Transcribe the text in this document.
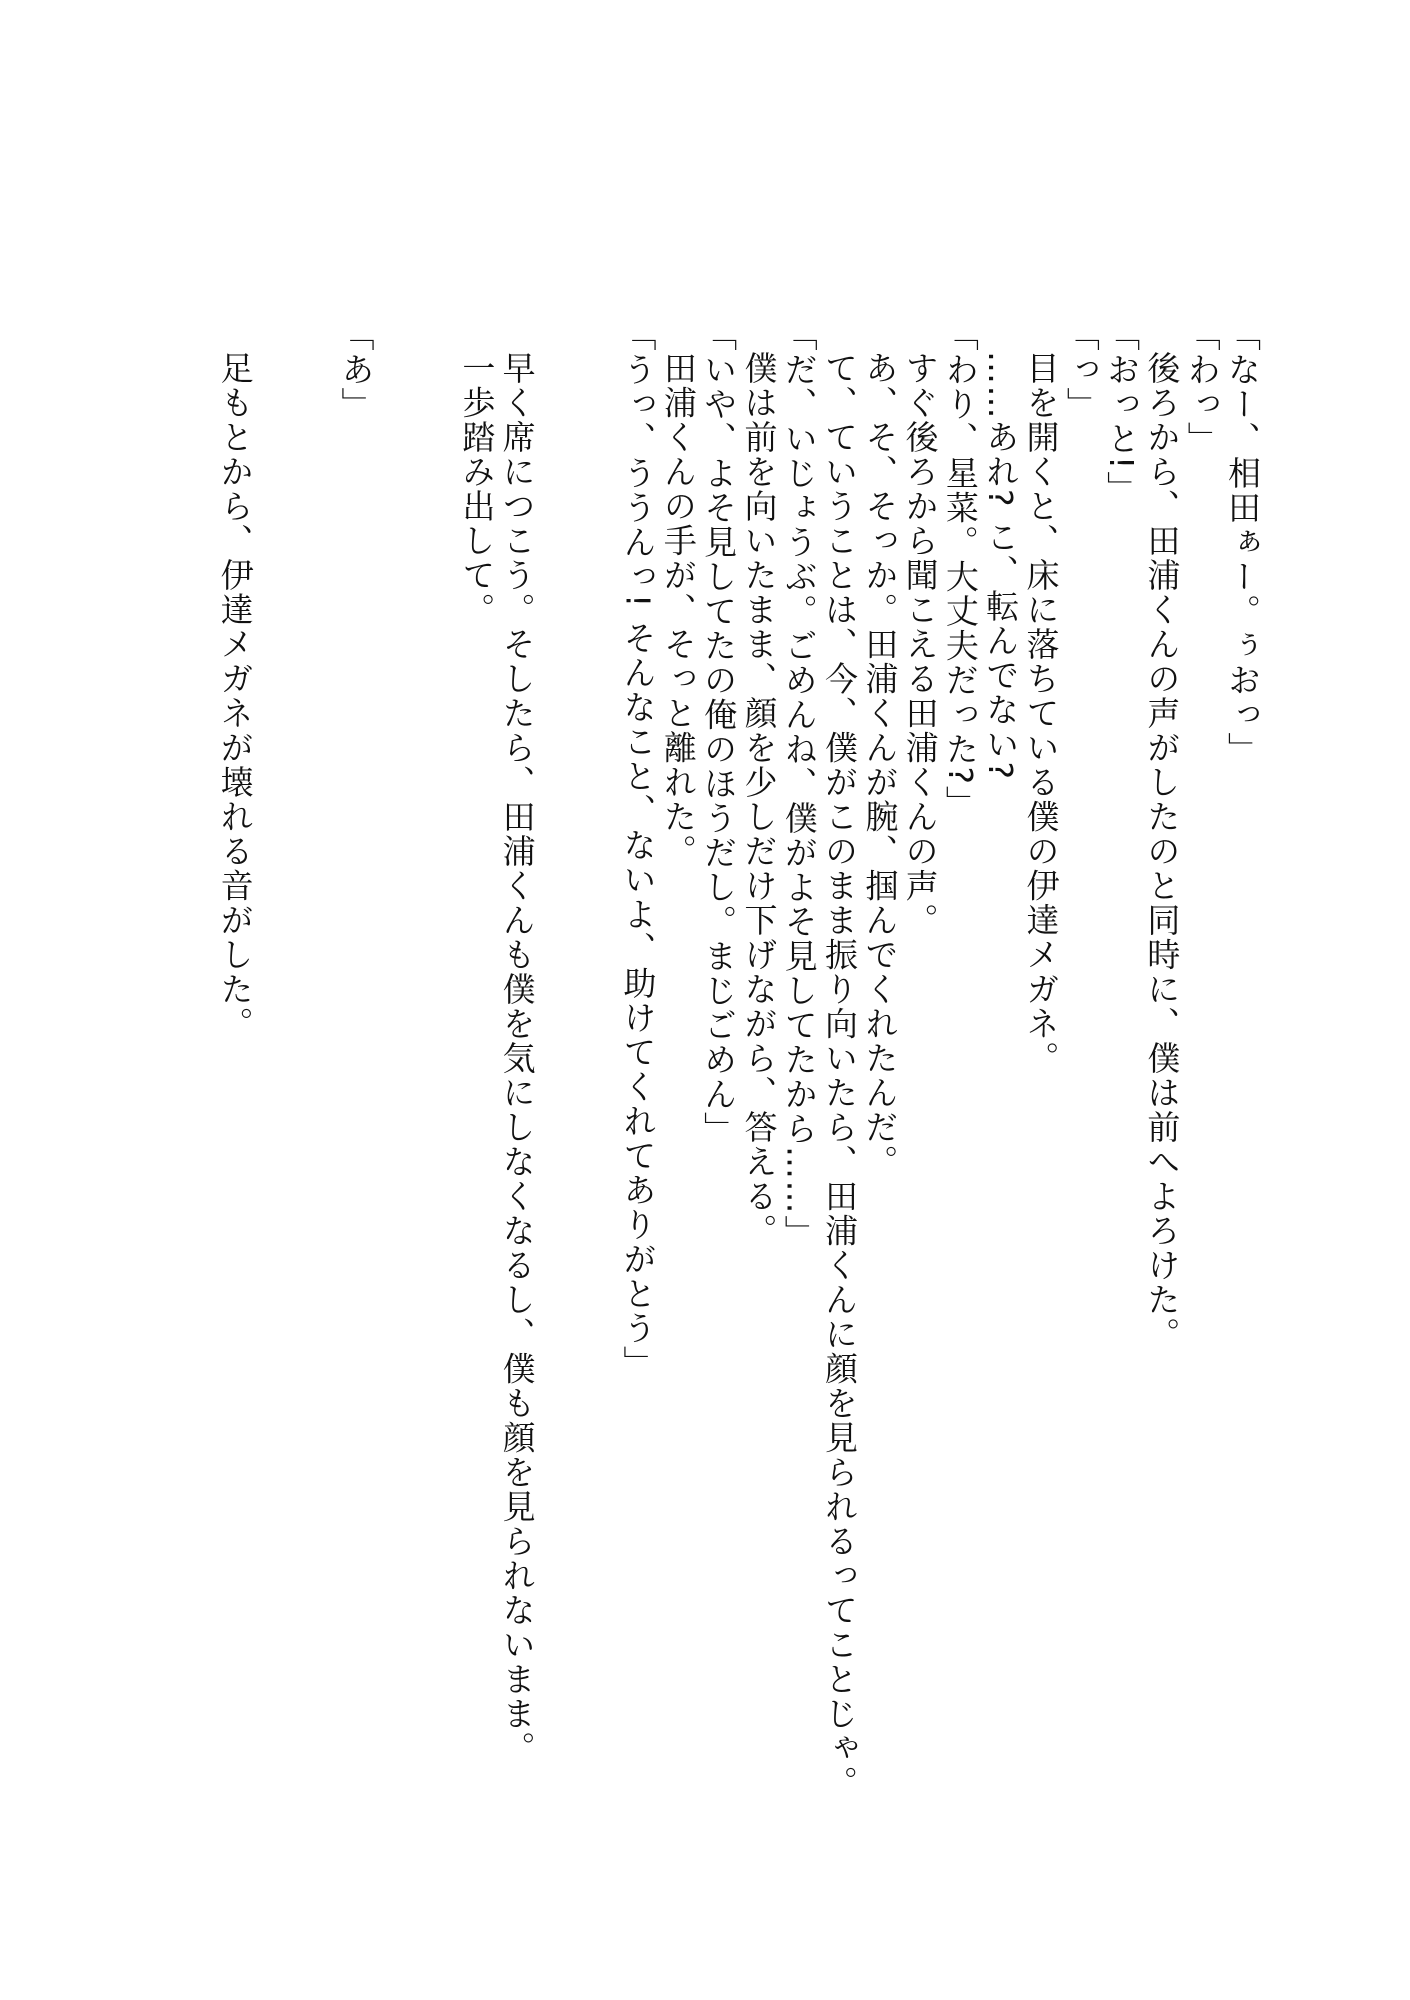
「なー、相田ぁー。ぅおっ」
「わっ」
後ろから、田浦くんの声がしたのと同時に、僕は前へよろけた。
「おっと!」
「っ」
目を開くと、床に落ちている僕の伊達メガネ。
……あれ? こ、転んでない?
「わり、星菜。大丈夫だった?」
すぐ後ろから聞こえる田浦くんの声。
あ、そ、そっか。田浦くんが腕、掴んでくれたんだ。
て、ていうことは、今、僕がこのまま振り向いたら、田浦くんに顔を見られるってことじゃ。
「だ、いじょうぶ。ごめんね、僕がよそ見してたから……」
僕は前を向いたまま、顔を少しだけ下げながら、答える。
「いや、よそ見してたの俺のほうだし。まじごめん」
田浦くんの手が、そっと離れた。
「うっ、ううんっ! そんなこと、ないよ、助けてくれてありがとう」
早く席につこう。そしたら、田浦くんも僕を気にしなくなるし、僕も顔を見られないまま。
一歩踏み出して。
「あ」
足もとから、伊達メガネが壊れる音がした。
